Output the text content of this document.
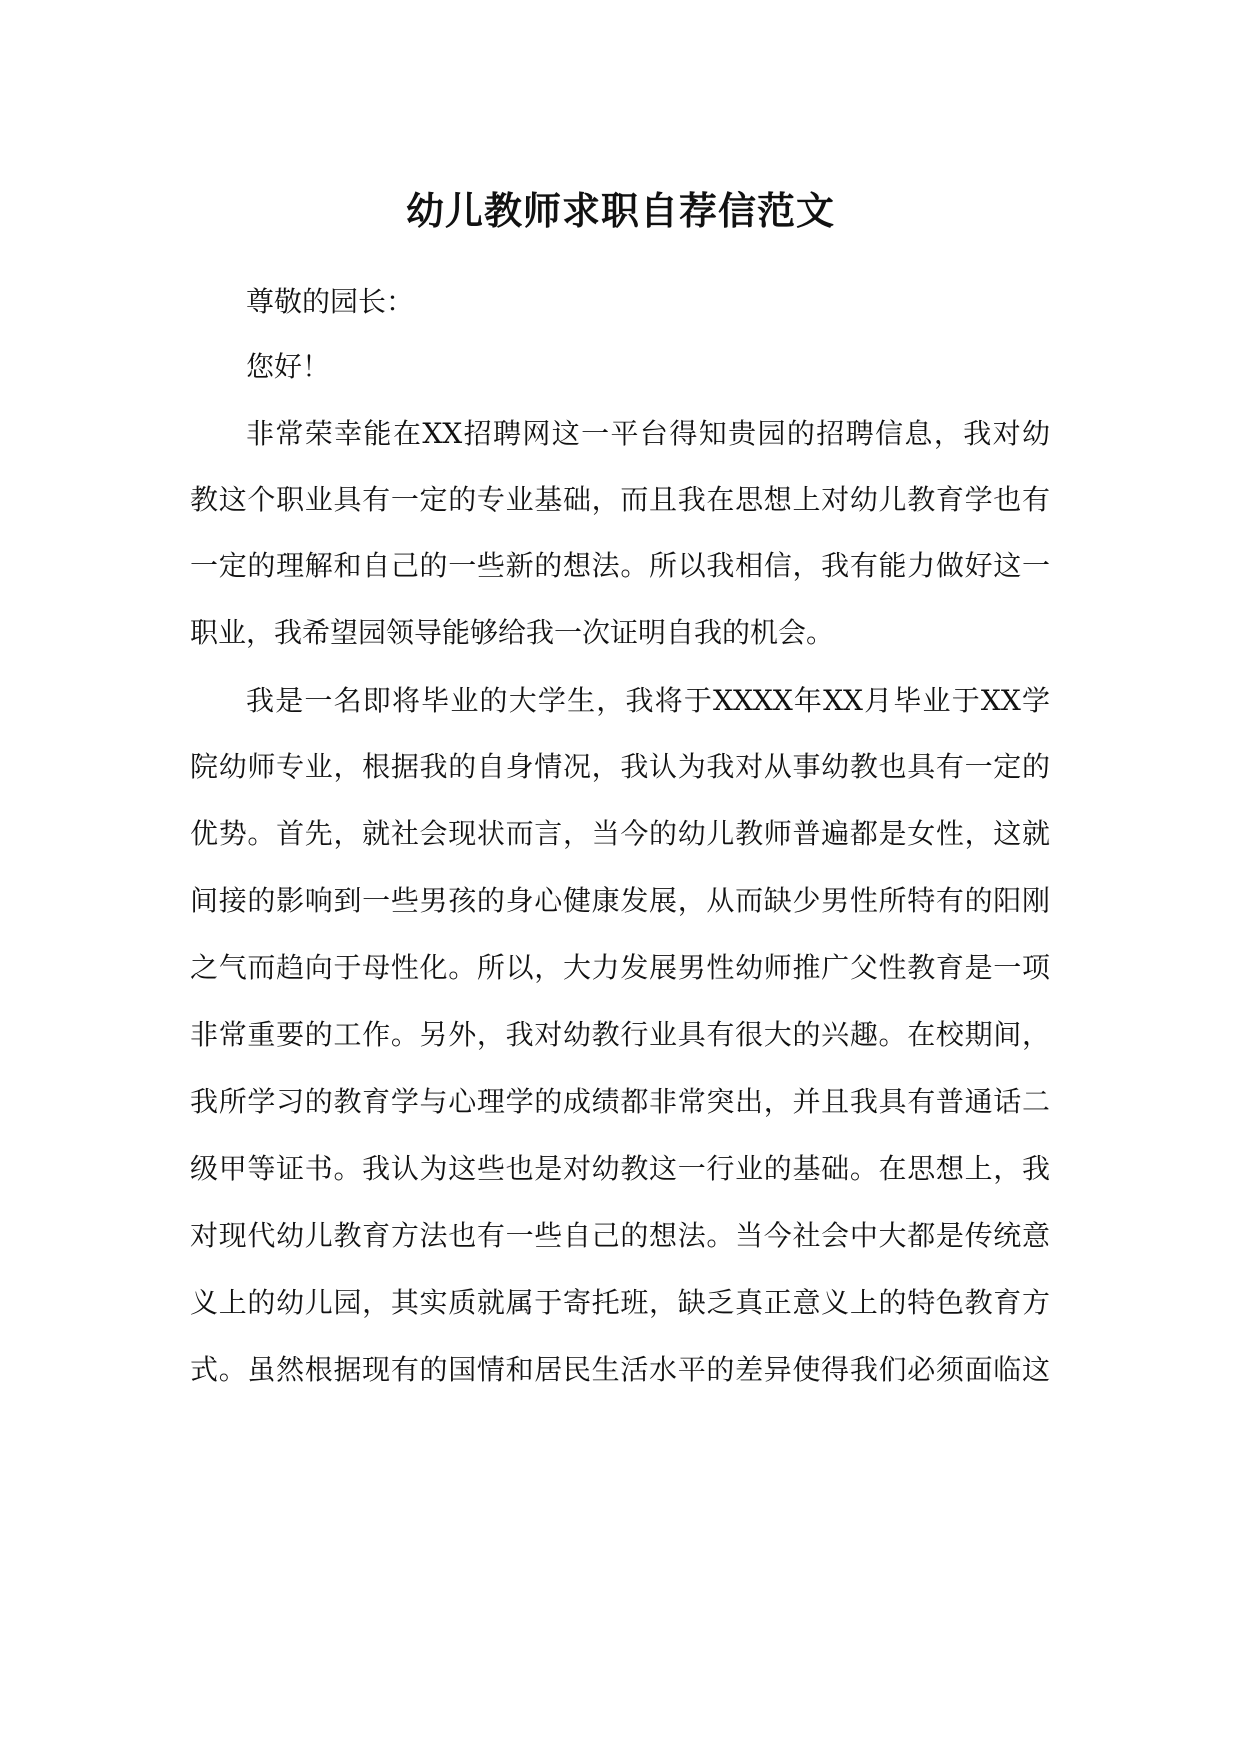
幼儿教师求职自荐信范文

尊敬的园长：

您好！

非常荣幸能在XX招聘网这一平台得知贵园的招聘信息，我对幼

教这个职业具有一定的专业基础，而且我在思想上对幼儿教育学也有

一定的理解和自己的一些新的想法。所以我相信，我有能力做好这一

职业，我希望园领导能够给我一次证明自我的机会。

我是一名即将毕业的大学生，我将于XXXX年XX月毕业于XX学

院幼师专业，根据我的自身情况，我认为我对从事幼教也具有一定的

优势。首先，就社会现状而言，当今的幼儿教师普遍都是女性，这就

间接的影响到一些男孩的身心健康发展，从而缺少男性所特有的阳刚

之气而趋向于母性化。所以，大力发展男性幼师推广父性教育是一项

非常重要的工作。另外，我对幼教行业具有很大的兴趣。在校期间，

我所学习的教育学与心理学的成绩都非常突出，并且我具有普通话二

级甲等证书。我认为这些也是对幼教这一行业的基础。在思想上，我

对现代幼儿教育方法也有一些自己的想法。当今社会中大都是传统意

义上的幼儿园，其实质就属于寄托班，缺乏真正意义上的特色教育方

式。虽然根据现有的国情和居民生活水平的差异使得我们必须面临这
